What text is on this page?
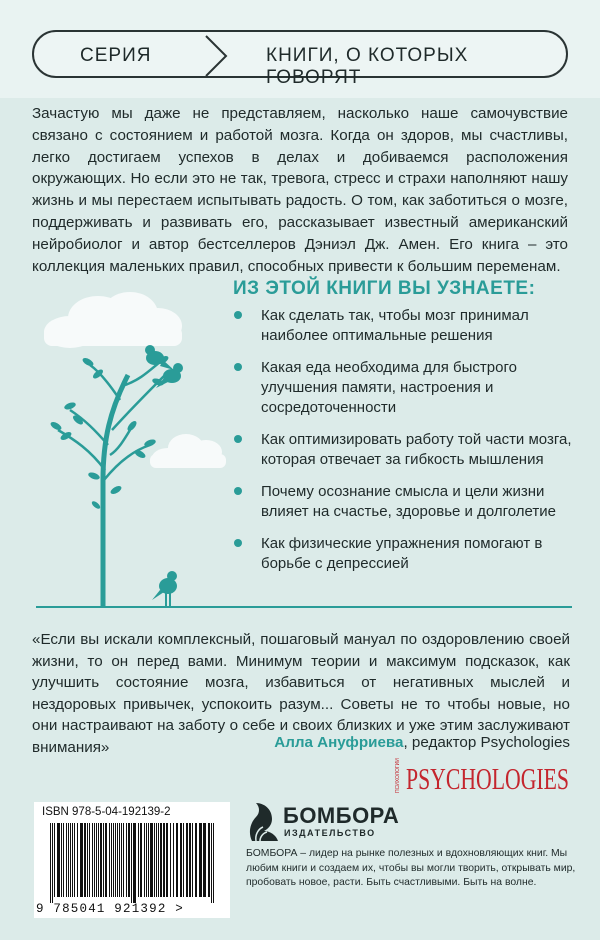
СЕРИЯ	КНИГИ, О КОТОРЫХ ГОВОРЯТ

Зачастую мы даже не представляем, насколько наше самочувствие связано с состоянием и работой мозга. Когда он здоров, мы счастливы, легко достигаем успехов в делах и добиваемся расположения окружающих. Но если это не так, тревога, стресс и страхи наполняют нашу жизнь и мы перестаем испытывать радость. О том, как заботиться о мозге, поддерживать и развивать его, рассказывает известный американский нейробиолог и автор бестселлеров Дэниэл Дж. Амен. Его книга – это коллекция маленьких правил, способных привести к большим переменам.

ИЗ ЭТОЙ КНИГИ ВЫ УЗНАЕТЕ:
Как сделать так, чтобы мозг принимал наиболее оптимальные решения
Какая еда необходима для быстрого улучшения памяти, настроения и сосредоточенности
Как оптимизировать работу той части мозга, которая отвечает за гибкость мышления
Почему осознание смысла и цели жизни влияет на счастье, здоровье и долголетие
Как физические упражнения помогают в борьбе с депрессией

«Если вы искали комплексный, пошаговый мануал по оздоровлению своей жизни, то он перед вами. Минимум теории и максимум подсказок, как улучшить состояние мозга, избавиться от негативных мыслей и нездоровых привычек, успокоить разум... Советы не то чтобы новые, но они настраивают на заботу о себе и своих близких и уже этим заслуживают внимания»	Алла Ануфриева, редактор Psychologies
ПСИХОЛОГИИ PSYCHOLOGIES
ISBN 978-5-04-192139-2
9 785041 921392 >
БОМБОРА
ИЗДАТЕЛЬСТВО

БОМБОРА – лидер на рынке полезных и вдохновляющих книг. Мы любим книги и создаем их, чтобы вы могли творить, открывать мир, пробовать новое, расти. Быть счастливыми. Быть на волне.
